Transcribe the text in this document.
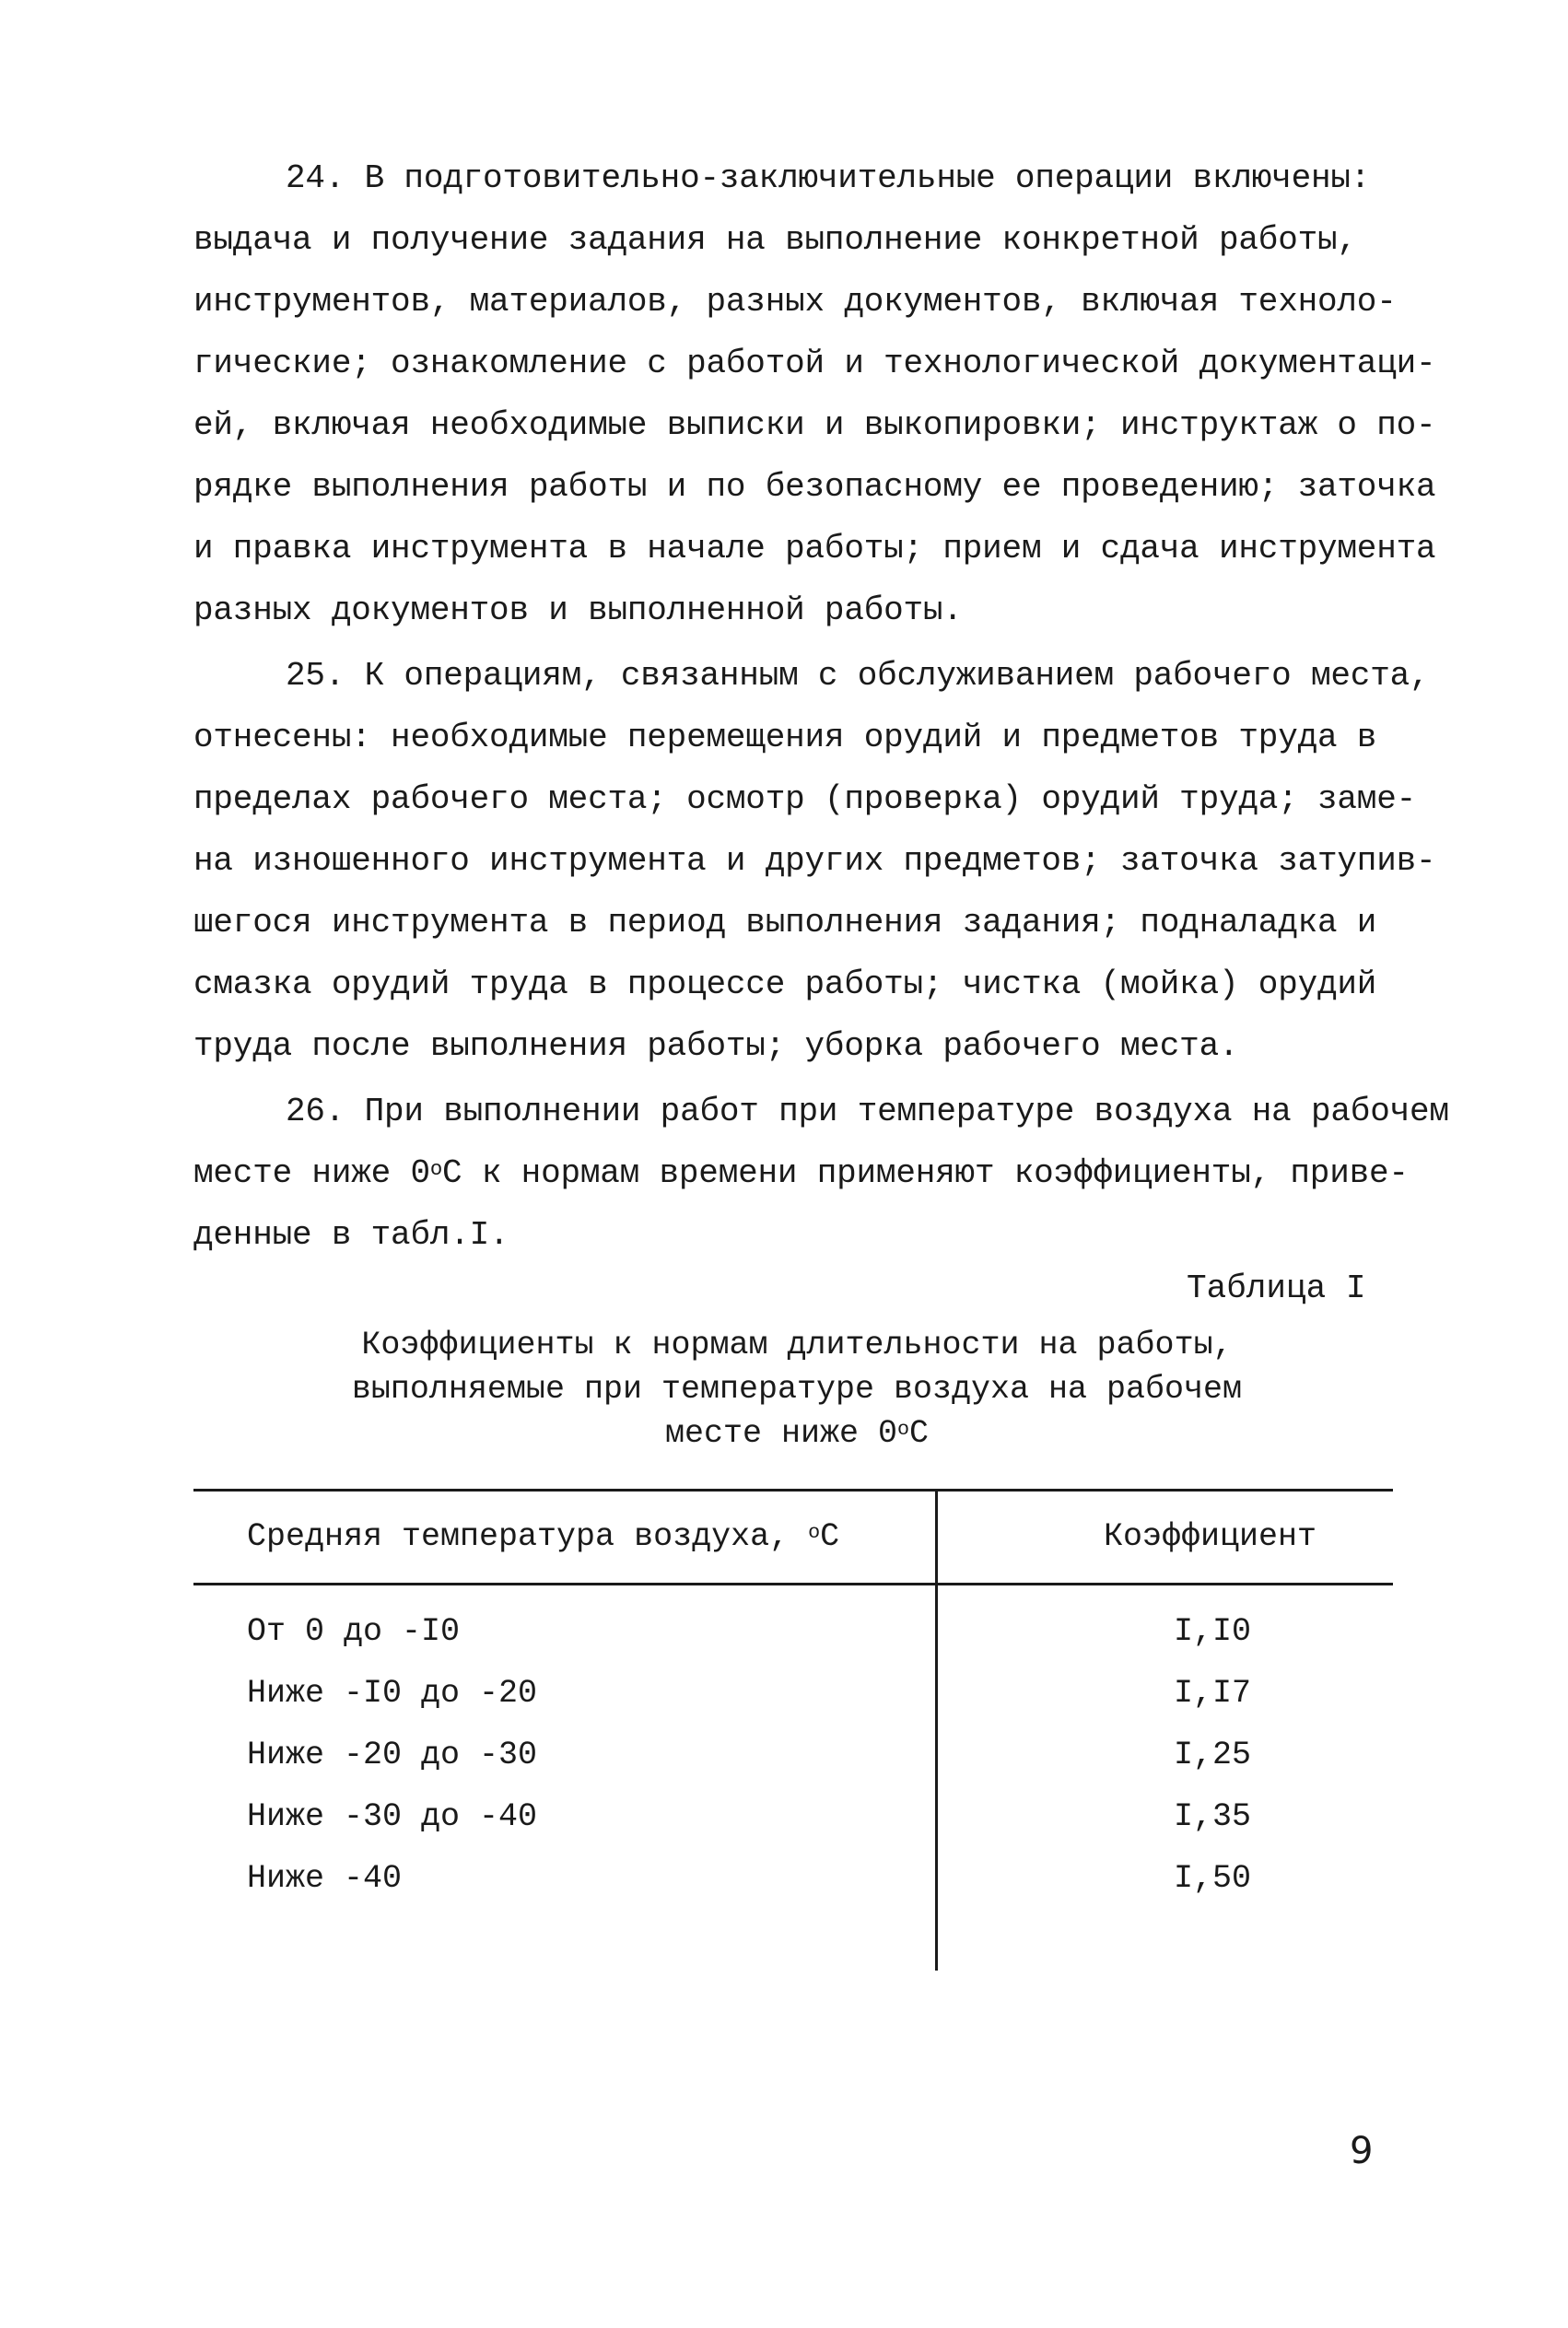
24. В подготовительно-заключительные операции включены:
выдача и получение задания на выполнение конкретной работы,
инструментов, материалов, разных документов, включая техноло-
гические; ознакомление с работой и технологической документаци-
ей, включая необходимые выписки и выкопировки; инструктаж о по-
рядке выполнения работы и по безопасному ее проведению; заточка
и правка инструмента в начале работы; прием и сдача инструмента
разных документов и выполненной работы.
25. К операциям, связанным с обслуживанием рабочего места,
отнесены: необходимые перемещения орудий и предметов труда в
пределах рабочего места; осмотр (проверка) орудий труда; заме-
на изношенного инструмента и других предметов; заточка затупив-
шегося инструмента в период выполнения задания; подналадка и
смазка орудий труда в процессе работы; чистка (мойка) орудий
труда после выполнения работы; уборка рабочего места.
26. При выполнении работ при температуре воздуха на рабочем
месте ниже $0^оС$ к нормам времени применяют коэффициенты, приве-
денные в табл.I.
Таблица I
Коэффициенты к нормам длительности на работы,
выполняемые при температуре воздуха на рабочем
месте ниже $0^оС$
Средняя температура воздуха, $^о$С	Коэффициент
От 0 до -I0	I,I0
Ниже -I0 до -20	I,I7
Ниже -20 до -30	I,25
Ниже -30 до -40	I,35
Ниже -40	I,50
9
